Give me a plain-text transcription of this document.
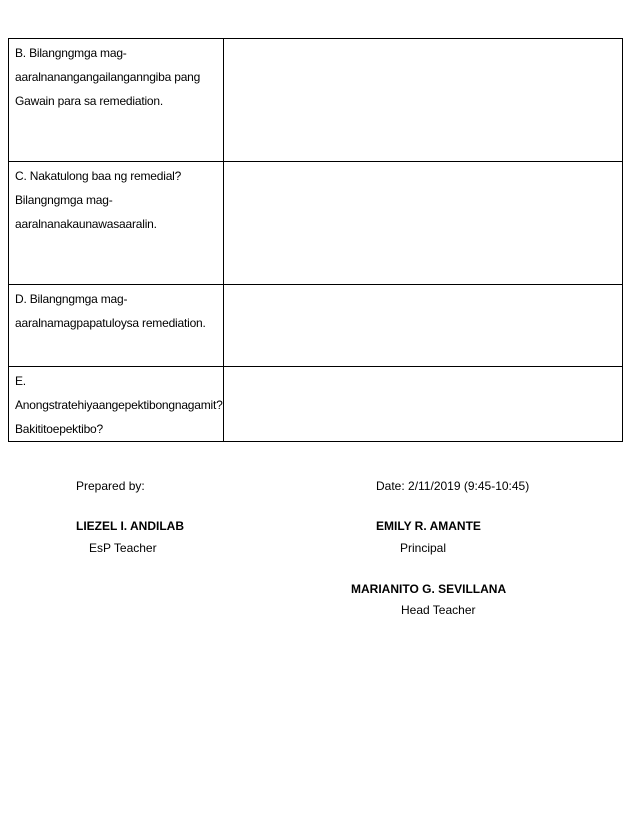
B. Bilangngmga mag-
aaralnanangangailanganngiba pang
Gawain para sa remediation.	

C. Nakatulong baa ng remedial?
Bilangngmga mag-
aaralnanakaunawasaaralin.	

D. Bilangngmga mag-
aaralnamagpapatuloysa remediation.	

E.
Anongstratehiyaangepektibongnagamit?
Bakititoepektibo?	

Prepared by:	Date: 2/11/2019 (9:45-10:45)
LIEZEL I. ANDILAB
EsP Teacher
EMILY R. AMANTE
Principal
MARIANITO G. SEVILLANA
Head Teacher
